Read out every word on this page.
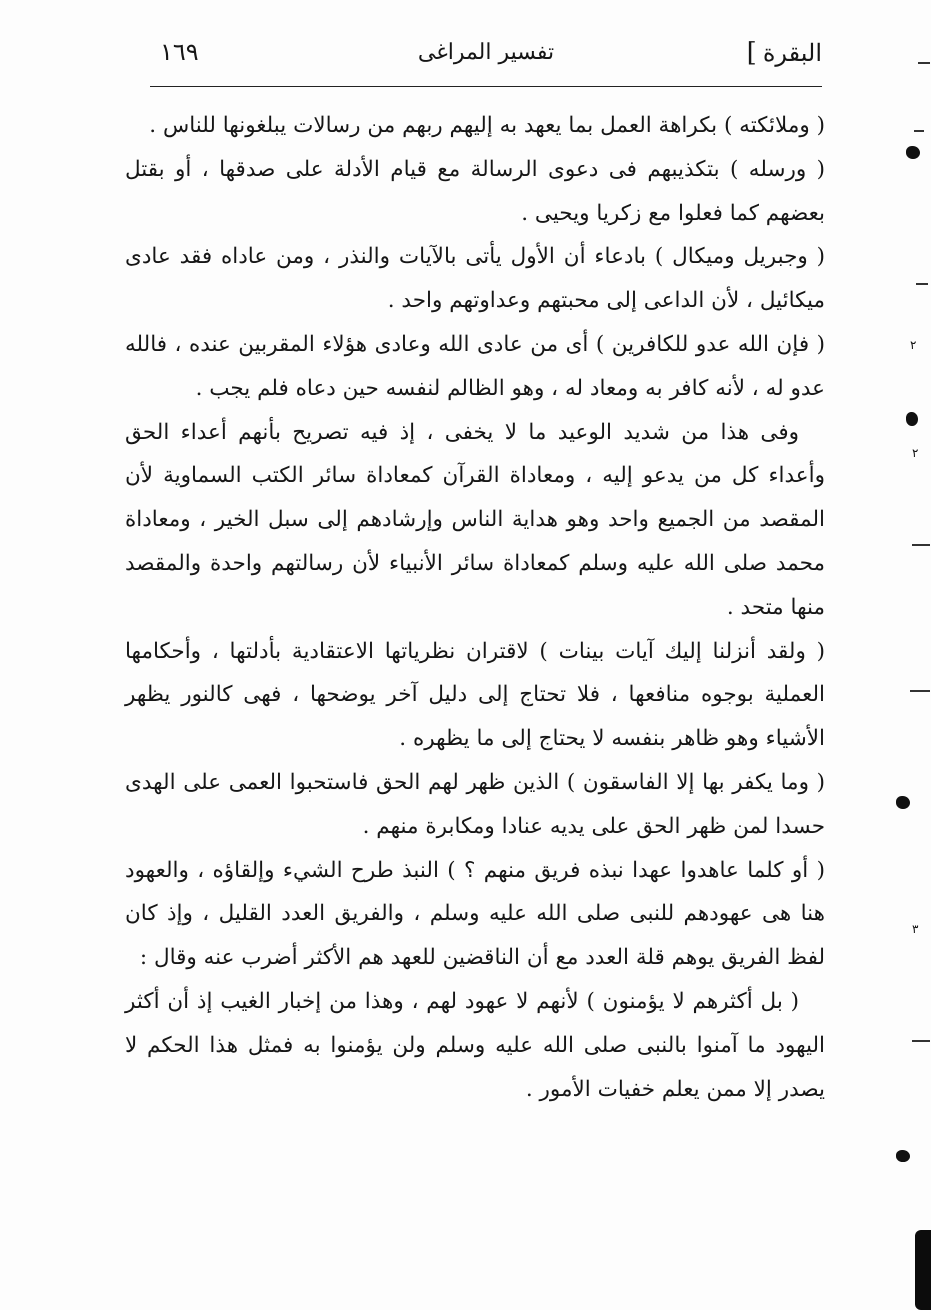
البقرة]
تفسير المراغى
١٦٩

( وملائكته ) بكراهة العمل بما يعهد به إليهم ربهم من رسالات يبلغونها للناس .

( ورسله ) بتكذيبهم فى دعوى الرسالة مع قيام الأدلة على صدقها ، أو بقتل بعضهم كما فعلوا مع زكريا ويحيى .

( وجبريل وميكال ) بادعاء أن الأول يأتى بالآيات والنذر ، ومن عاداه فقد عادى ميكائيل ، لأن الداعى إلى محبتهم وعداوتهم واحد .

( فإن الله عدو للكافرين ) أى من عادى الله وعادى هؤلاء المقربين عنده ، فالله عدو له ، لأنه كافر به ومعاد له ، وهو الظالم لنفسه حين دعاه فلم يجب .

وفى هذا من شديد الوعيد ما لا يخفى ، إذ فيه تصريح بأنهم أعداء الحق وأعداء كل من يدعو إليه ، ومعاداة القرآن كمعاداة سائر الكتب السماوية لأن المقصد من الجميع واحد وهو هداية الناس وإرشادهم إلى سبل الخير ، ومعاداة محمد صلى الله عليه وسلم كمعاداة سائر الأنبياء لأن رسالتهم واحدة والمقصد منها متحد .

( ولقد أنزلنا إليك آيات بينات ) لاقتران نظرياتها الاعتقادية بأدلتها ، وأحكامها العملية بوجوه منافعها ، فلا تحتاج إلى دليل آخر يوضحها ، فهى كالنور يظهر الأشياء وهو ظاهر بنفسه لا يحتاج إلى ما يظهره .

( وما يكفر بها إلا الفاسقون ) الذين ظهر لهم الحق فاستحبوا العمى على الهدى حسدا لمن ظهر الحق على يديه عنادا ومكابرة منهم .

( أو كلما عاهدوا عهدا نبذه فريق منهم ؟ ) النبذ طرح الشيء وإلقاؤه ، والعهود هنا هى عهودهم للنبى صلى الله عليه وسلم ، والفريق العدد القليل ، وإذ كان لفظ الفريق يوهم قلة العدد مع أن الناقضين للعهد هم الأكثر أضرب عنه وقال :

( بل أكثرهم لا يؤمنون ) لأنهم لا عهود لهم ، وهذا من إخبار الغيب إذ أن أكثر اليهود ما آمنوا بالنبى صلى الله عليه وسلم ولن يؤمنوا به فمثل هذا الحكم لا يصدر إلا ممن يعلم خفيات الأمور .

٢
٢
٣
